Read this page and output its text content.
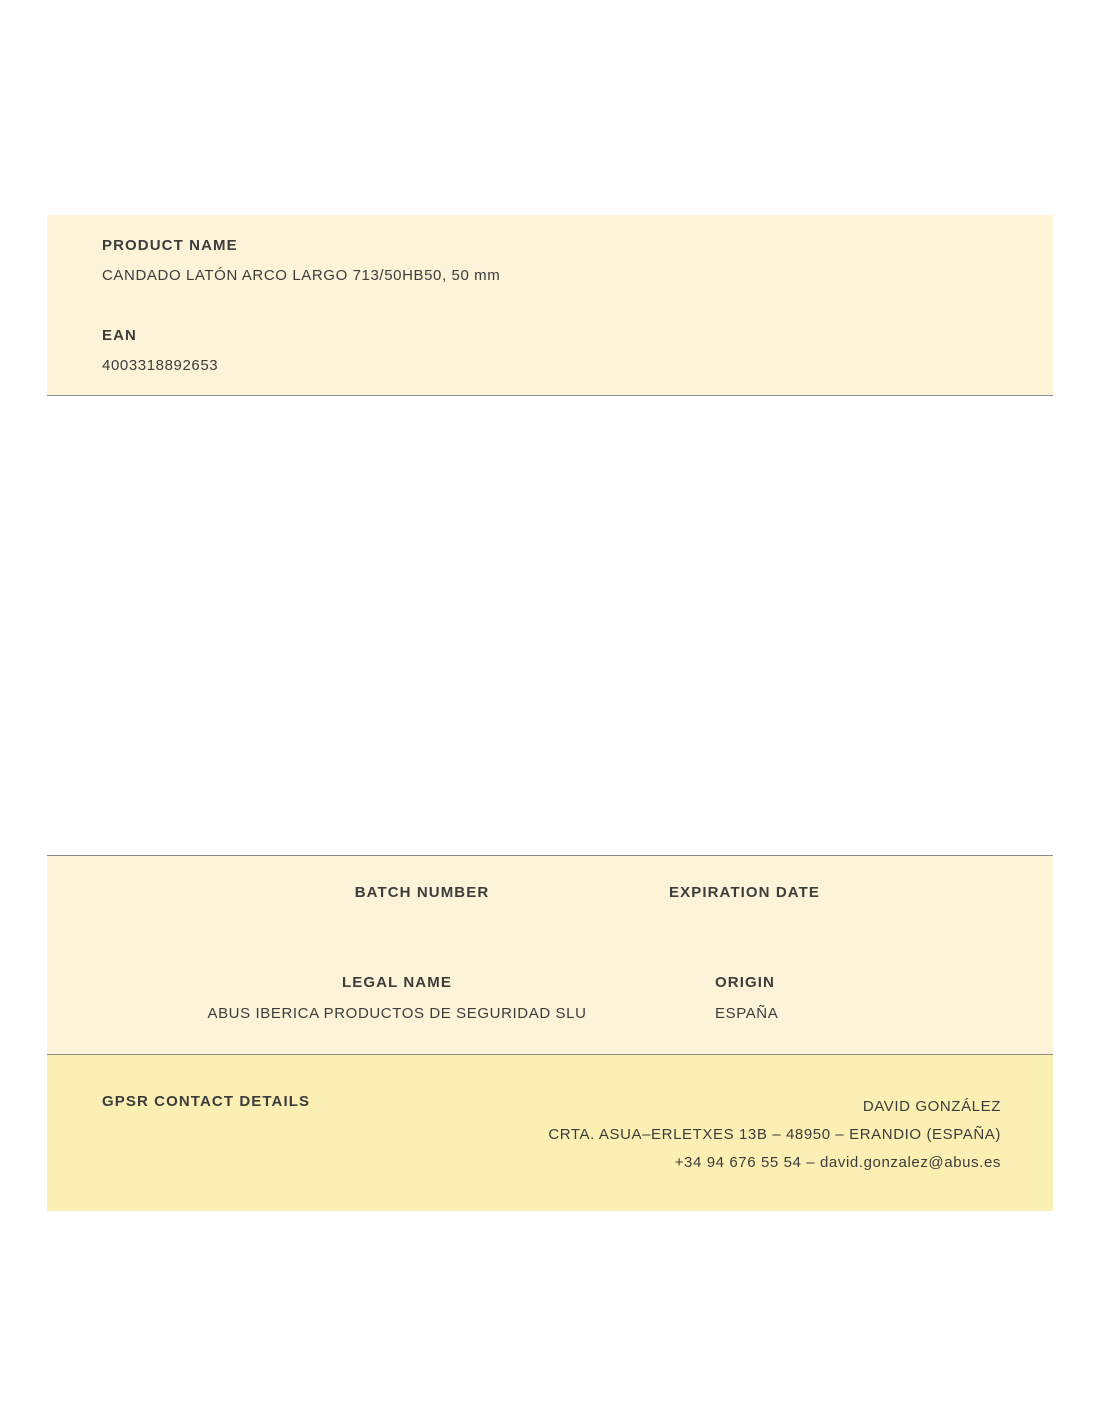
PRODUCT NAME
CANDADO LATÓN ARCO LARGO 713/50HB50, 50 mm
EAN
4003318892653
BATCH NUMBER	EXPIRATION DATE
LEGAL NAME
ABUS IBERICA PRODUCTOS DE SEGURIDAD SLU
ORIGIN
ESPAÑA
GPSR CONTACT DETAILS	DAVID GONZÁLEZ
CRTA. ASUA–ERLETXES 13B – 48950 – ERANDIO (ESPAÑA)
+34 94 676 55 54 – david.gonzalez@abus.es
